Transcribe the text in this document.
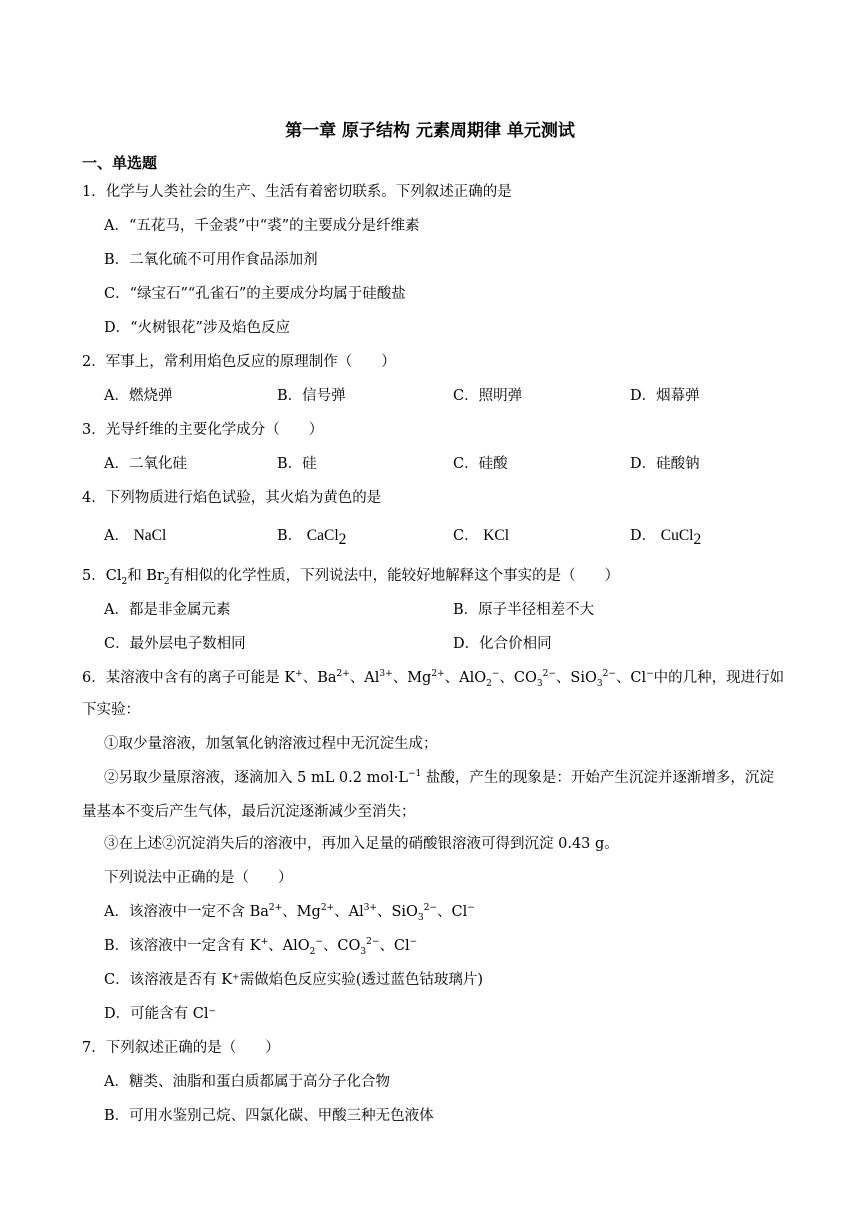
第一章 原子结构 元素周期律 单元测试
一、单选题
1．化学与人类社会的生产、生活有着密切联系。下列叙述正确的是
A．“五花马，千金裘”中“裘”的主要成分是纤维素
B．二氧化硫不可用作食品添加剂
C．“绿宝石”“孔雀石”的主要成分均属于硅酸盐
D．“火树银花”涉及焰色反应
2．军事上，常利用焰色反应的原理制作（　　）
A．燃烧弹	B．信号弹	C．照明弹	D．烟幕弹
3．光导纤维的主要化学成分（　　）
A．二氧化硅	B．硅	C．硅酸	D．硅酸钠
4．下列物质进行焰色试验，其火焰为黄色的是
A． NaCl	B． CaCl$_2$	C． KCl	D． CuCl$_2$
5．$Cl_2$和 $Br_2$有相似的化学性质，下列说法中，能较好地解释这个事实的是（　　）
A．都是非金属元素	B．原子半径相差不大
C．最外层电子数相同	D．化合价相同
6．某溶液中含有的离子可能是 K+、$Ba^{2+}$、$Al^{3+}$、$Mg^{2+}$、AlO$_2$−、$CO_3^{2-}$、SiO$_3^{2-}$、Cl−中的几种，现进行如
下实验：
①取少量溶液，加氢氧化钠溶液过程中无沉淀生成；
②另取少量原溶液，逐滴加入 5 mL 0.2 $mol\cdot L^{-1}$ 盐酸，产生的现象是：开始产生沉淀并逐渐增多，沉淀
量基本不变后产生气体，最后沉淀逐渐减少至消失；
③在上述②沉淀消失后的溶液中，再加入足量的硝酸银溶液可得到沉淀 0.43 g。
下列说法中正确的是（　　）
A．该溶液中一定不含 $Ba^{2+}$、$Mg^{2+}$、$Al^{3+}$、SiO$_3^{2-}$、Cl−
B．该溶液中一定含有 K+、AlO$_2$−、$CO_3^{2-}$、Cl−
C．该溶液是否有 K⁺需做焰色反应实验(透过蓝色钴玻璃片)
D．可能含有 Cl⁻
7．下列叙述正确的是（　　）
A．糖类、油脂和蛋白质都属于高分子化合物
B．可用水鉴别己烷、四氯化碳、甲酸三种无色液体
